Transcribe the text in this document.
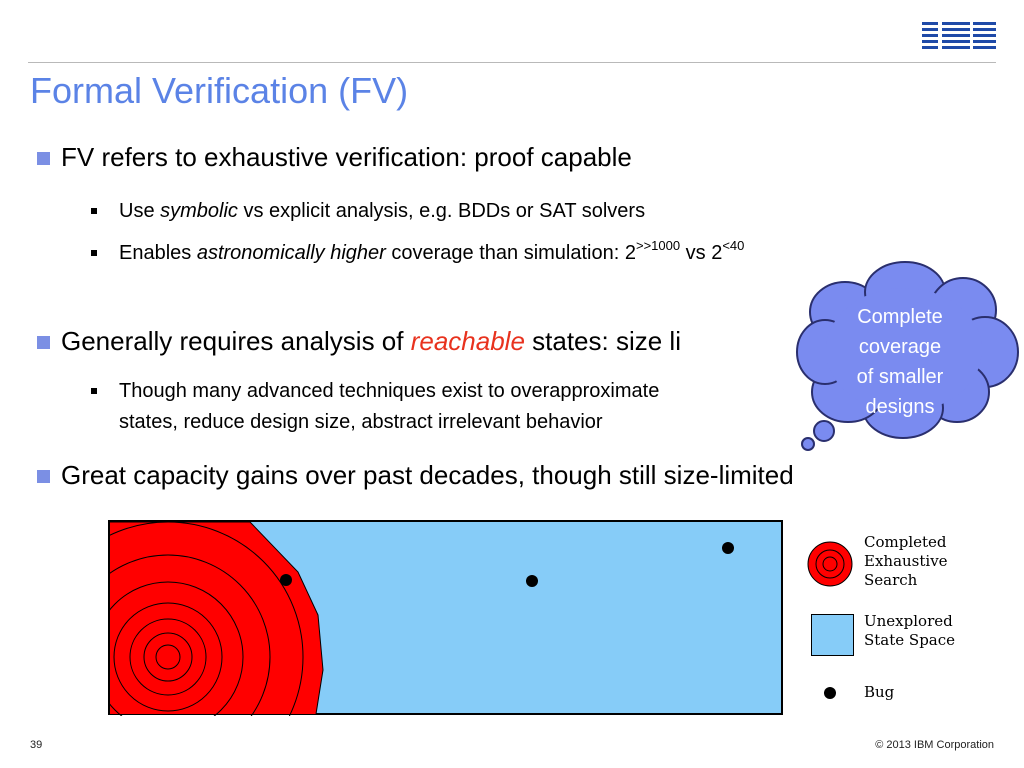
Formal Verification (FV)
FV refers to exhaustive verification: proof capable
Use symbolic vs explicit analysis, e.g. BDDs or SAT solvers
Enables astronomically higher coverage than simulation: $2^{>>1000}$ vs $2^{<40}$
Generally requires analysis of reachable states: size li
Though many advanced techniques exist to overapproximate
states, reduce design size, abstract irrelevant behavior
Great capacity gains over past decades, though still size-limited
Complete
coverage
of smaller
designs
Completed
Exhaustive
Search
Unexplored
State Space
Bug
39	© 2013 IBM Corporation
